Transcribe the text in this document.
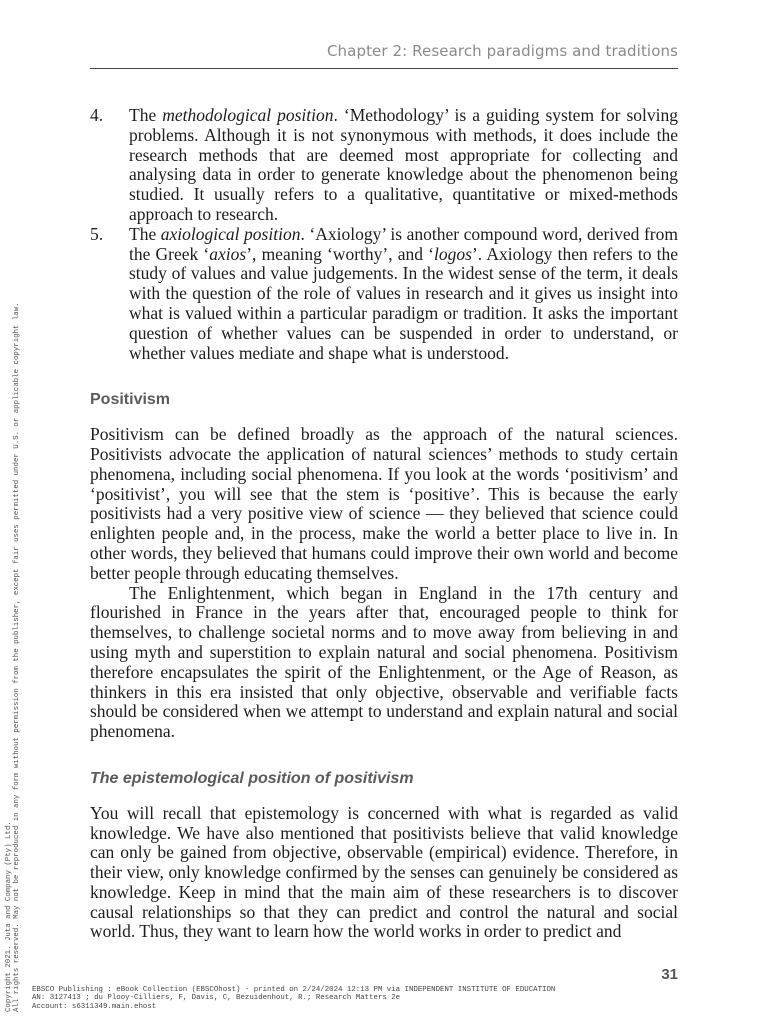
Chapter 2: Research paradigms and traditions
4. The methodological position. ‘Methodology’ is a guiding system for solving problems. Although it is not synonymous with methods, it does include the research methods that are deemed most appropriate for collecting and analysing data in order to generate knowledge about the phenomenon being studied. It usually refers to a qualitative, quantitative or mixed-methods approach to research.
5. The axiological position. ‘Axiology’ is another compound word, derived from the Greek ‘axios’, meaning ‘worthy’, and ‘logos’. Axiology then refers to the study of values and value judgements. In the widest sense of the term, it deals with the question of the role of values in research and it gives us insight into what is valued within a particular paradigm or tradition. It asks the important question of whether values can be suspended in order to understand, or whether values mediate and shape what is understood.
Positivism

Positivism can be defined broadly as the approach of the natural sciences. Positivists advocate the application of natural sciences’ methods to study certain phenomena, including social phenomena. If you look at the words ‘positivism’ and ‘positivist’, you will see that the stem is ‘positive’. This is because the early positivists had a very positive view of science — they believed that science could enlighten people and, in the process, make the world a better place to live in. In other words, they believed that humans could improve their own world and become better people through educating themselves.

The Enlightenment, which began in England in the 17th century and flourished in France in the years after that, encouraged people to think for themselves, to challenge societal norms and to move away from believing in and using myth and superstition to explain natural and social phenomena. Positivism therefore encapsulates the spirit of the Enlightenment, or the Age of Reason, as thinkers in this era insisted that only objective, observable and verifiable facts should be considered when we attempt to understand and explain natural and social phenomena.

The epistemological position of positivism

You will recall that epistemology is concerned with what is regarded as valid knowledge. We have also mentioned that positivists believe that valid knowledge can only be gained from objective, observable (empirical) evidence. Therefore, in their view, only knowledge confirmed by the senses can genuinely be considered as knowledge. Keep in mind that the main aim of these researchers is to discover causal relationships so that they can predict and control the natural and social world. Thus, they want to learn how the world works in order to predict and

31
EBSCO Publishing : eBook Collection (EBSCOhost) - printed on 2/24/2024 12:13 PM via INDEPENDENT INSTITUTE OF EDUCATION
AN: 3127413 ; du Plooy-Cilliers, F, Davis, C, Bezuidenhout, R.; Research Matters 2e
Account: s6311349.main.ehost
Copyright 2021. Juta and Company (Pty) Ltd. All rights reserved. May not be reproduced in any form without permission from the publisher, except fair uses permitted under U.S. or applicable copyright law.
